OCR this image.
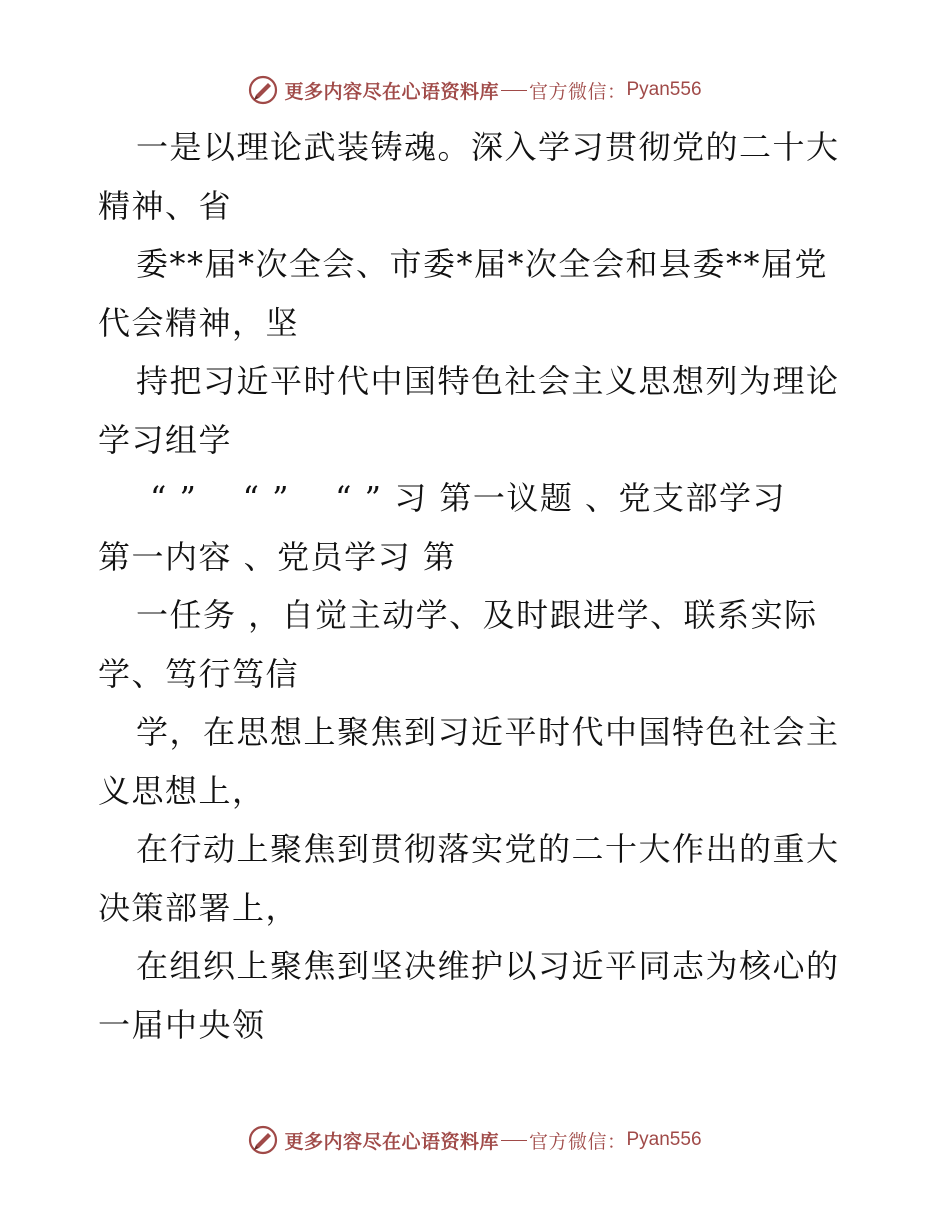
更多内容尽在心语资料库 官方微信： Pyan556
一是以理论武装铸魂。深入学习贯彻党的二十大
精神、省
委**届*次全会、市委*届*次全会和县委**届党
代会精神，坚
持把习近平时代中国特色社会主义思想列为理论
学习组学
“ ”　 “ ”　 “ ” 习 第一议题 、党支部学习
第一内容 、党员学习 第
一任务 ，自觉主动学、及时跟进学、联系实际
学、笃行笃信
学，在思想上聚焦到习近平时代中国特色社会主
义思想上，
在行动上聚焦到贯彻落实党的二十大作出的重大
决策部署上，
在组织上聚焦到坚决维护以习近平同志为核心的
一届中央领
更多内容尽在心语资料库 官方微信： Pyan556
